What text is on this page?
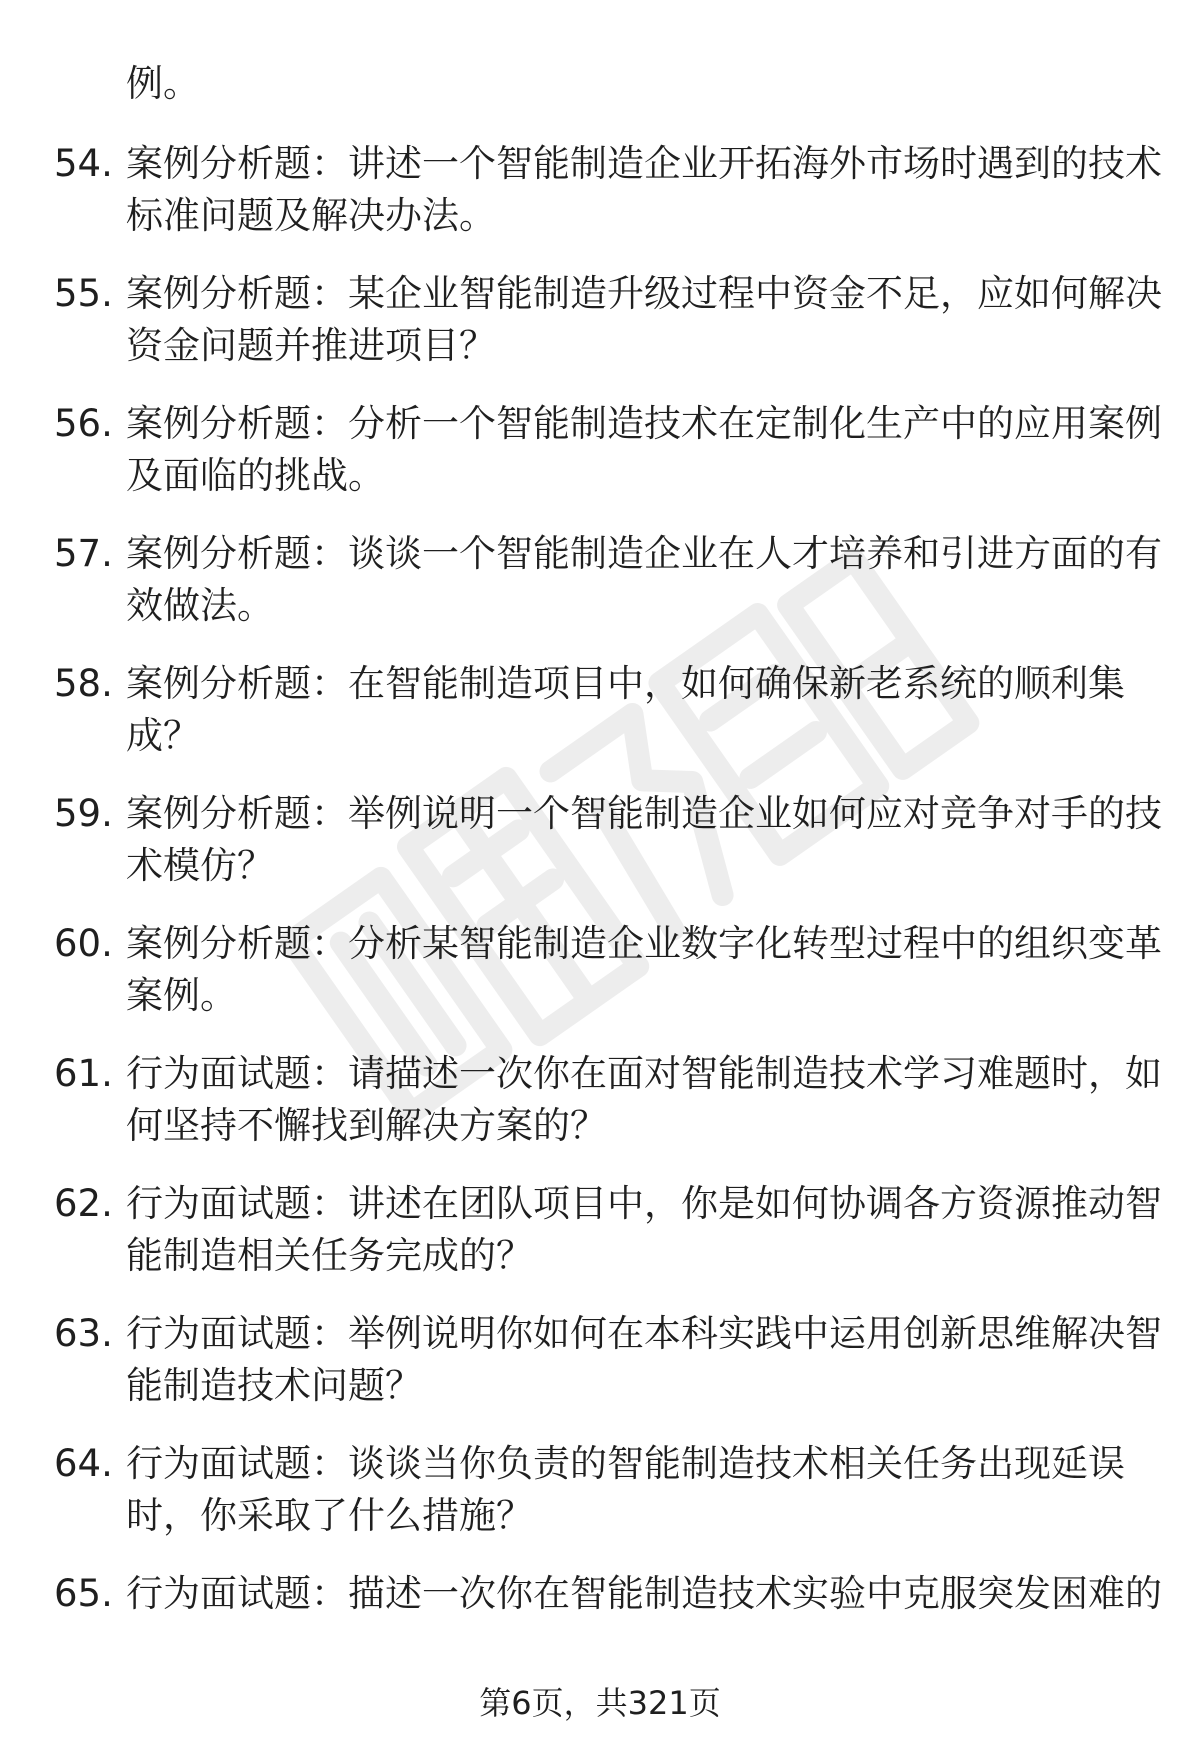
例。
54. 案例分析题：讲述一个智能制造企业开拓海外市场时遇到的技术
标准问题及解决办法。
55. 案例分析题：某企业智能制造升级过程中资金不足，应如何解决
资金问题并推进项目？
56. 案例分析题：分析一个智能制造技术在定制化生产中的应用案例
及面临的挑战。
57. 案例分析题：谈谈一个智能制造企业在人才培养和引进方面的有
效做法。
58. 案例分析题：在智能制造项目中，如何确保新老系统的顺利集
成？
59. 案例分析题：举例说明一个智能制造企业如何应对竞争对手的技
术模仿？
60. 案例分析题：分析某智能制造企业数字化转型过程中的组织变革
案例。
61. 行为面试题：请描述一次你在面对智能制造技术学习难题时，如
何坚持不懈找到解决方案的？
62. 行为面试题：讲述在团队项目中，你是如何协调各方资源推动智
能制造相关任务完成的？
63. 行为面试题：举例说明你如何在本科实践中运用创新思维解决智
能制造技术问题？
64. 行为面试题：谈谈当你负责的智能制造技术相关任务出现延误
时，你采取了什么措施？
65. 行为面试题：描述一次你在智能制造技术实验中克服突发困难的
第6页，共321页
